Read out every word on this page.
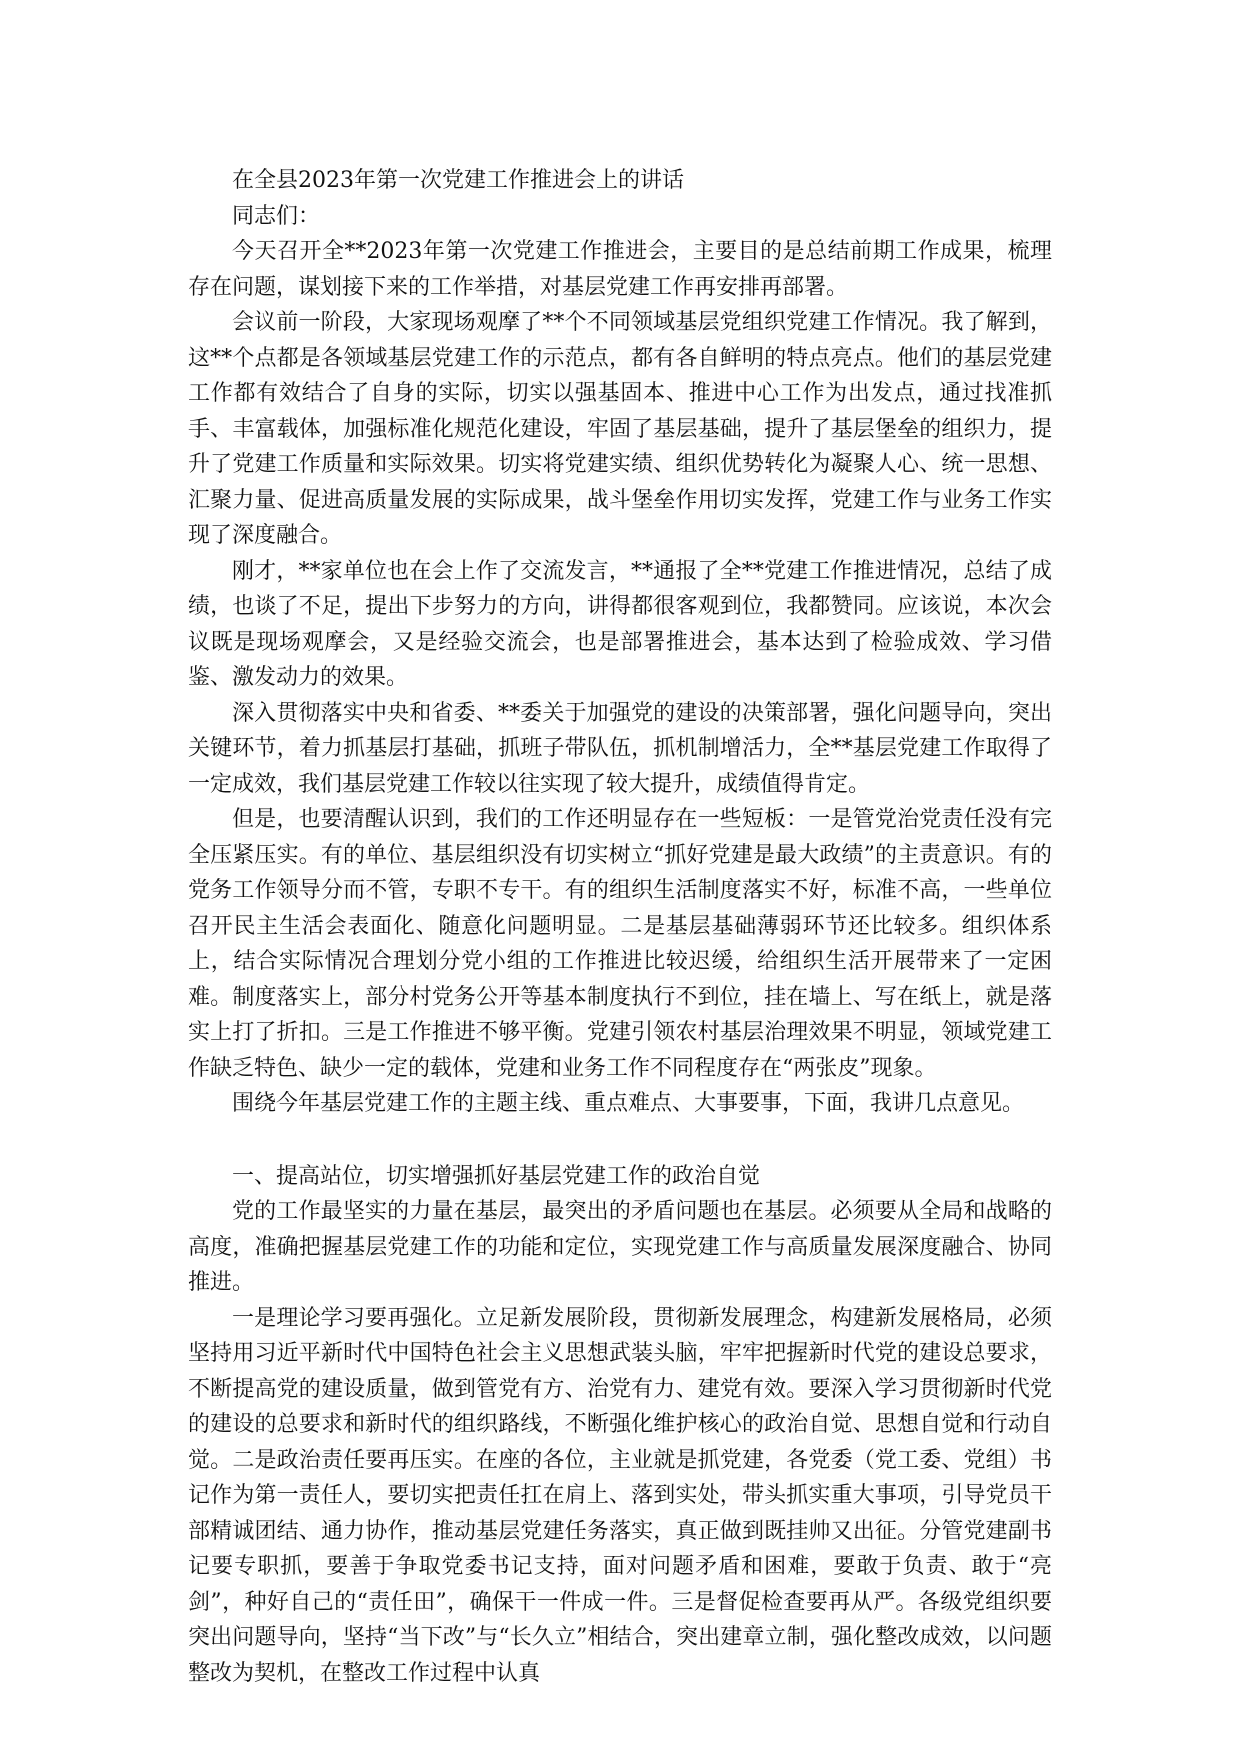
在全县2023年第一次党建工作推进会上的讲话

同志们：

今天召开全**2023年第一次党建工作推进会，主要目的是总结前期工作成果，梳理存在问题，谋划接下来的工作举措，对基层党建工作再安排再部署。

会议前一阶段，大家现场观摩了**个不同领域基层党组织党建工作情况。我了解到，这**个点都是各领域基层党建工作的示范点，都有各自鲜明的特点亮点。他们的基层党建工作都有效结合了自身的实际，切实以强基固本、推进中心工作为出发点，通过找准抓手、丰富载体，加强标准化规范化建设，牢固了基层基础，提升了基层堡垒的组织力，提升了党建工作质量和实际效果。切实将党建实绩、组织优势转化为凝聚人心、统一思想、汇聚力量、促进高质量发展的实际成果，战斗堡垒作用切实发挥，党建工作与业务工作实现了深度融合。

刚才，**家单位也在会上作了交流发言，**通报了全**党建工作推进情况，总结了成绩，也谈了不足，提出下步努力的方向，讲得都很客观到位，我都赞同。应该说，本次会议既是现场观摩会，又是经验交流会，也是部署推进会，基本达到了检验成效、学习借鉴、激发动力的效果。

深入贯彻落实中央和省委、**委关于加强党的建设的决策部署，强化问题导向，突出关键环节，着力抓基层打基础，抓班子带队伍，抓机制增活力，全**基层党建工作取得了一定成效，我们基层党建工作较以往实现了较大提升，成绩值得肯定。

但是，也要清醒认识到，我们的工作还明显存在一些短板：一是管党治党责任没有完全压紧压实。有的单位、基层组织没有切实树立“抓好党建是最大政绩”的主责意识。有的党务工作领导分而不管，专职不专干。有的组织生活制度落实不好，标准不高，一些单位召开民主生活会表面化、随意化问题明显。二是基层基础薄弱环节还比较多。组织体系上，结合实际情况合理划分党小组的工作推进比较迟缓，给组织生活开展带来了一定困难。制度落实上，部分村党务公开等基本制度执行不到位，挂在墙上、写在纸上，就是落实上打了折扣。三是工作推进不够平衡。党建引领农村基层治理效果不明显，领域党建工作缺乏特色、缺少一定的载体，党建和业务工作不同程度存在“两张皮”现象。

围绕今年基层党建工作的主题主线、重点难点、大事要事，下面，我讲几点意见。

一、提高站位，切实增强抓好基层党建工作的政治自觉

党的工作最坚实的力量在基层，最突出的矛盾问题也在基层。必须要从全局和战略的高度，准确把握基层党建工作的功能和定位，实现党建工作与高质量发展深度融合、协同推进。

一是理论学习要再强化。立足新发展阶段，贯彻新发展理念，构建新发展格局，必须坚持用习近平新时代中国特色社会主义思想武装头脑，牢牢把握新时代党的建设总要求，不断提高党的建设质量，做到管党有方、治党有力、建党有效。要深入学习贯彻新时代党的建设的总要求和新时代的组织路线，不断强化维护核心的政治自觉、思想自觉和行动自觉。二是政治责任要再压实。在座的各位，主业就是抓党建，各党委（党工委、党组）书记作为第一责任人，要切实把责任扛在肩上、落到实处，带头抓实重大事项，引导党员干部精诚团结、通力协作，推动基层党建任务落实，真正做到既挂帅又出征。分管党建副书记要专职抓，要善于争取党委书记支持，面对问题矛盾和困难，要敢于负责、敢于“亮剑”，种好自己的“责任田”，确保干一件成一件。三是督促检查要再从严。各级党组织要突出问题导向，坚持“当下改”与“长久立”相结合，突出建章立制，强化整改成效，以问题整改为契机，在整改工作过程中认真
